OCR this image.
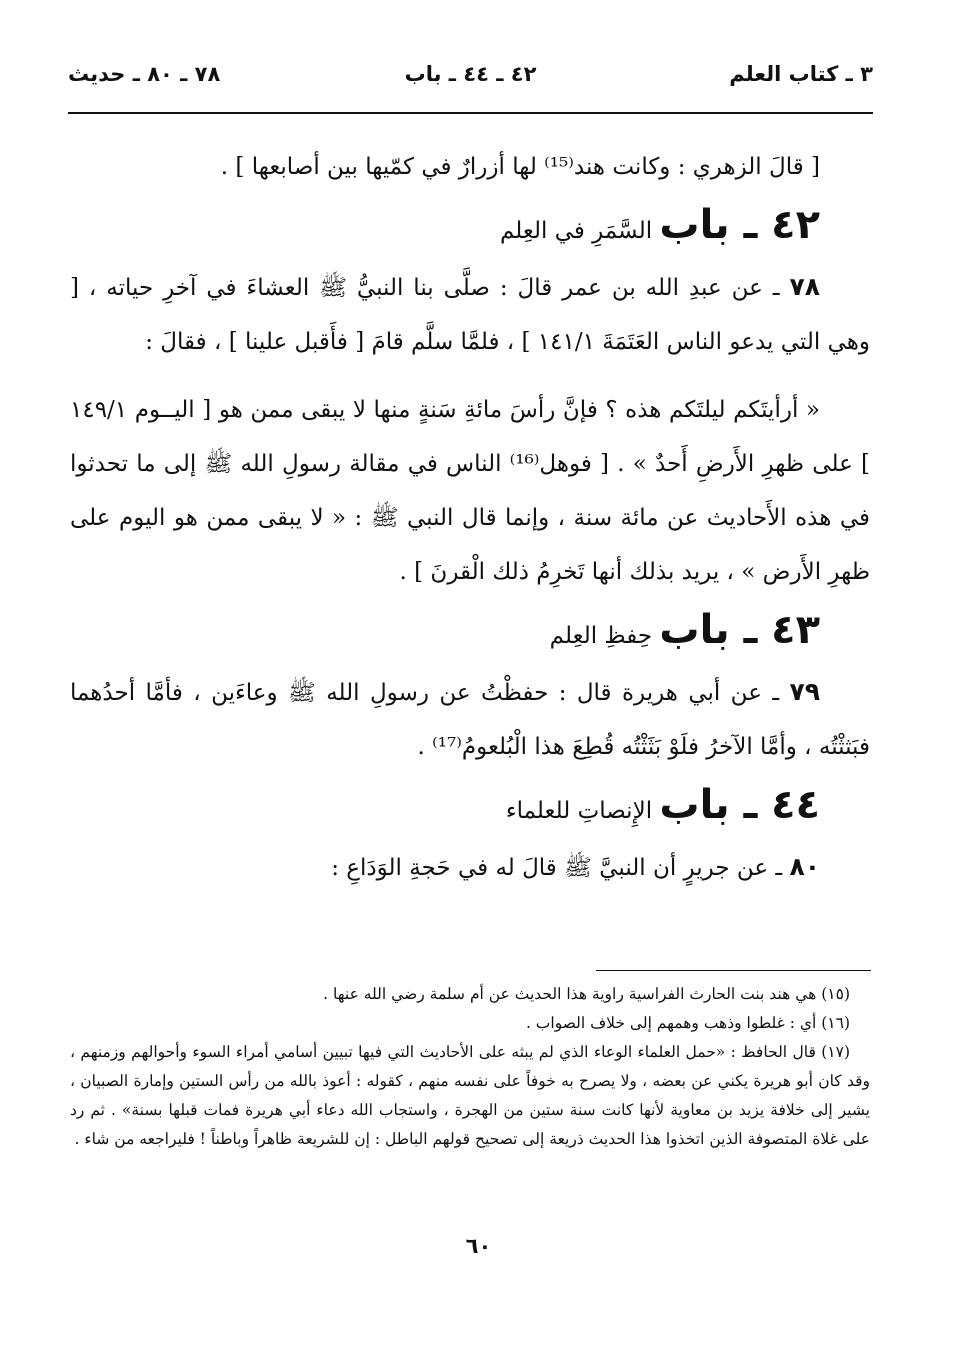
٣ ـ كتاب العلم
٤٢ ـ ٤٤ ـ باب
٧٨ ـ ٨٠ ـ حديث

[ قالَ الزهري : وكانت هند⁽¹⁵⁾ لها أزرارٌ في كمّيها بين أصابعها ] .

٤٢ ـ باب السَّمَرِ في العِلم

٧٨ ـ عن عبدِ الله بن عمر قالَ : صلَّى بنا النبيُّ ﷺ العشاءَ في آخرِ حياته ، [ وهي التي يدعو الناس العَتَمَةَ ١٤١/١ ] ، فلمَّا سلَّم قامَ [ فأَقبل علينا ] ، فقالَ :

« أرأيتَكم ليلتَكم هذه ؟ فإنَّ رأسَ مائةِ سَنةٍ منها لا يبقى ممن هو [ اليــوم ١٤٩/١ ] على ظهرِ الأَرضِ أَحدٌ » . [ فوهل⁽¹⁶⁾ الناس في مقالة رسولِ الله ﷺ إلى ما تحدثوا في هذه الأَحاديث عن مائة سنة ، وإنما قال النبي ﷺ : « لا يبقى ممن هو اليوم على ظهرِ الأَرض » ، يريد بذلك أنها تَخرِمُ ذلك الْقرنَ ] .

٤٣ ـ باب حِفظِ العِلم

٧٩ ـ عن أبي هريرة قال : حفظْتُ عن رسولِ الله ﷺ وعاءَين ، فأمَّا أحدُهما فبَثثْتُه ، وأمَّا الآخرُ فلَوْ بَثَثْتُه قُطِعَ هذا الْبُلعومُ⁽¹⁷⁾ .

٤٤ ـ باب الإِنصاتِ للعلماء

٨٠ ـ عن جريرٍ أن النبيَّ ﷺ قالَ له في حَجةِ الوَدَاعِ :

(١٥) هي هند بنت الحارث الفراسية راوية هذا الحديث عن أم سلمة رضي الله عنها .

(١٦) أي : غلطوا وذهب وهمهم إلى خلاف الصواب .

(١٧) قال الحافظ : «حمل العلماء الوعاء الذي لم يبثه على الأحاديث التي فيها تبيين أسامي أمراء السوء وأحوالهم وزمنهم ، وقد كان أبو هريرة يكني عن بعضه ، ولا يصرح به خوفاً على نفسه منهم ، كقوله : أعوذ بالله من رأس الستين وإمارة الصبيان ، يشير إلى خلافة يزيد بن معاوية لأنها كانت سنة ستين من الهجرة ، واستجاب الله دعاء أبي هريرة فمات قبلها بسنة» . ثم رد على غلاة المتصوفة الذين اتخذوا هذا الحديث ذريعة إلى تصحيح قولهم الباطل : إن للشريعة ظاهراً وباطناً ! فليراجعه من شاء .

٦٠
